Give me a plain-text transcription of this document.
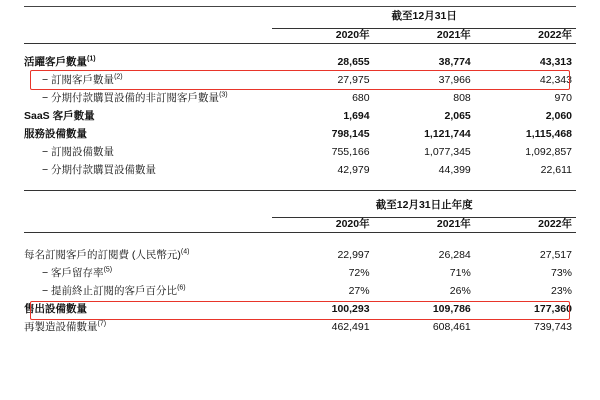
	截至12月31日		

	2020年	2021年	2022年

活躍客戶數量$^{(1)}$	28,655	38,774	43,313
− 訂閱客戶數量$^{(2)}$	27,975	37,966	42,343
− 分期付款購買設備的非訂閱客戶數量$^{(3)}$	680	808	970
SaaS 客戶數量	1,694	2,065	2,060
服務設備數量	798,145	1,121,744	1,115,468
− 訂閱設備數量	755,166	1,077,345	1,092,857
− 分期付款購買設備數量	42,979	44,399	22,611
	截至12月31日止年度		

	2020年	2021年	2022年

每名訂閱客戶的訂閱費 (人民幣元)$^{(4)}$	22,997	26,284	27,517
− 客戶留存率$^{(5)}$	72%	71%	73%
− 提前終止訂閱的客戶百分比$^{(6)}$	27%	26%	23%
售出設備數量	100,293	109,786	177,360
再製造設備數量$^{(7)}$	462,491	608,461	739,743
